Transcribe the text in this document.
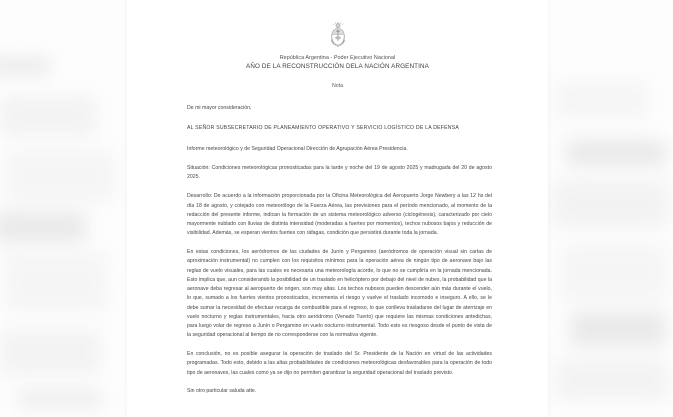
República Argentina - Poder Ejecutivo Nacional
AÑO DE LA RECONSTRUCCIÓN DELA NACIÓN ARGENTINA
Nota

De mi mayor consideración,

AL SEÑOR SUBSECRETARIO DE PLANEAMIENTO OPERATIVO Y SERVICIO LOGÍSTICO DE LA DEFENSA

Informe meteorológico y de Seguridad Operacional Dirección de Agrupación Aérea Presidencia.

Situación: Condiciones meteorológicas pronosticadas para la tarde y noche del 19 de agosto 2025 y madrugada del 20 de agosto 2025.

Desarrollo: De acuerdo a la información proporcionada por la Oficina Meteorológica del Aeropuerto Jorge Newbery a las 12 hs del día 18 de agosto, y cotejado con meteorólogo de la Fuerza Aérea, las previsiones para el período mencionado, al momento de la redacción del presente informe, indican la formación de un sistema meteorológico adverso (ciclogénesis), caracterizado por cielo mayormente nublado con lluvias de distinta intensidad (moderadas a fuertes por momentos), techos nubosos bajos y reducción de visibilidad. Además, se esperan vientos fuertes con ráfagas, condición que persistirá durante toda la jornada.

En estas condiciones, los aeródromos de las ciudades de Junín y Pergamino (aeródromos de operación visual sin cartas de aproximación instrumental) no cumplen con los requisitos mínimos para la operación aérea de ningún tipo de aeronave bajo las reglas de vuelo visuales, para las cuales es necesaria una meteorología acorde, lo que no se cumpliría en la jornada mencionada. Esto implica que, aun considerando la posibilidad de un traslado en helicóptero por debajo del nivel de nubes, la probabilidad que la aeronave deba regresar al aeropuerto de origen, son muy altas. Los techos nubosos pueden descender aún más durante el vuelo, lo que, sumado a los fuertes vientos pronosticados, incrementa el riesgo y vuelve el traslado incomodo e inseguro. A ello, se le debe sumar la necesidad de efectuar recarga de combustible para el regreso, lo que conlleva trasladarse del lugar de aterrizaje en vuelo nocturno y reglas instrumentales, hacia otro aeródromo (Venado Tuerto) que requiere las mismas condiciones antedichas, para luego volar de regreso a Junín o Pergamino en vuelo nocturno instrumental. Todo esto es riesgoso desde el punto de vista de la seguridad operacional al tiempo de no corresponderse con la normativa vigente.

En conclusión, no es posible asegurar la operación de traslado del Sr. Presidente de la Nación en virtud de las actividades programadas. Todo esto, debido a las altas probabilidades de condiciones meteorológicas desfavorables para la operación de todo tipo de aeronaves, las cuales como ya se dijo no permiten garantizar la seguridad operacional del traslado previsto.

Sin otro particular saluda atte.
